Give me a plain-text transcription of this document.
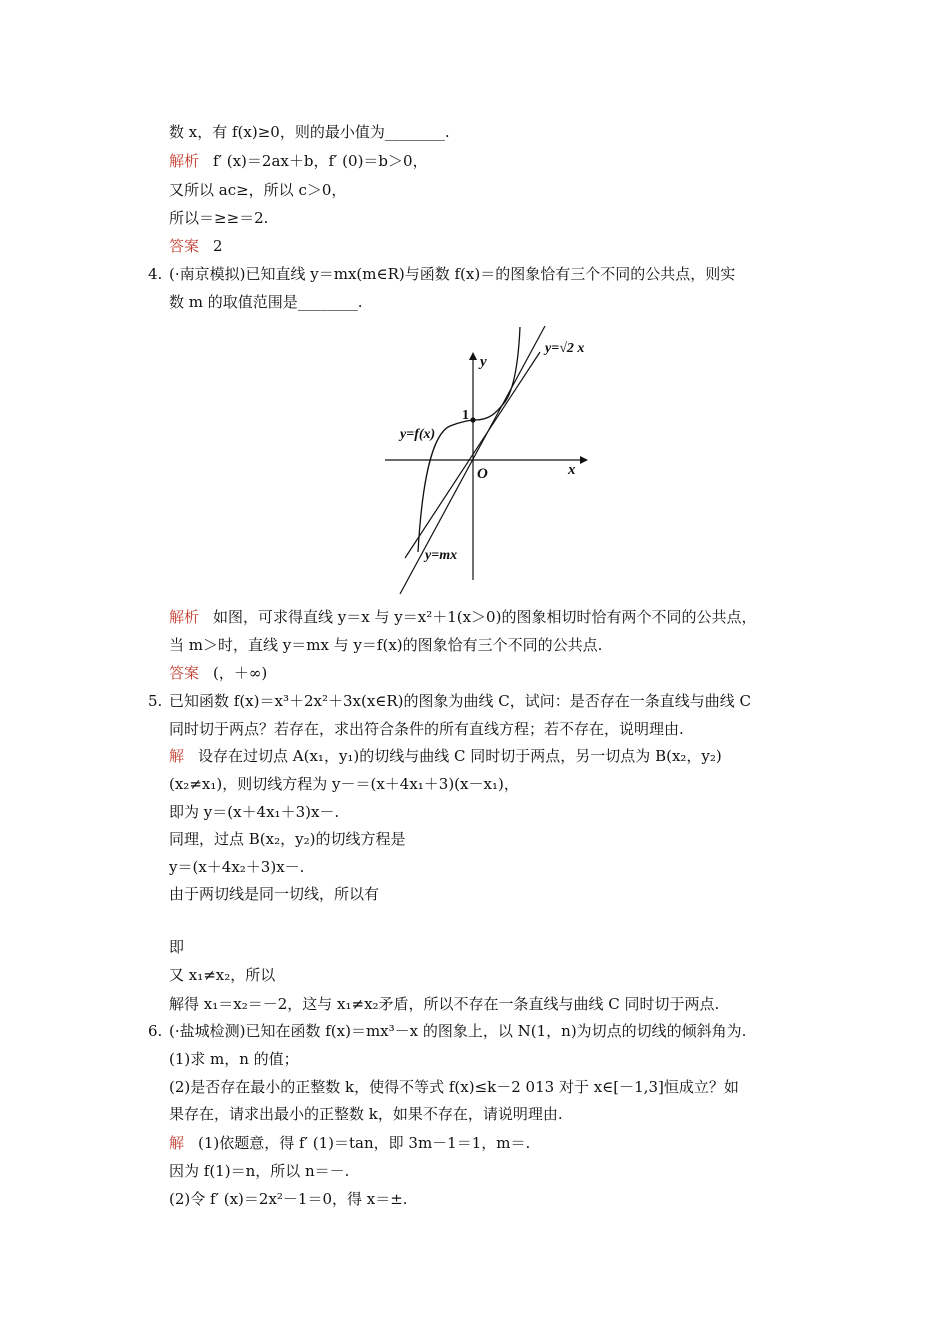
数 x，有 f(x)≥0，则的最小值为________.
解析 f′ (x)＝2ax＋b，f′ (0)＝b＞0，
又所以 ac≥，所以 c＞0，
所以＝≥≥＝2.
答案 2
4. (·南京模拟)已知直线 y＝mx(m∈R)与函数 f(x)＝的图象恰有三个不同的公共点，则实
数 m 的取值范围是________.
y=√2 x
y
1
y=f(x)
O	x
y=mx
解析 如图，可求得直线 y＝x 与 y＝x²＋1(x＞0)的图象相切时恰有两个不同的公共点，
当 m＞时，直线 y＝mx 与 y＝f(x)的图象恰有三个不同的公共点.
答案 (，＋∞)
5. 已知函数 f(x)＝x³＋2x²＋3x(x∈R)的图象为曲线 C，试问：是否存在一条直线与曲线 C
同时切于两点？若存在，求出符合条件的所有直线方程；若不存在，说明理由.
解 设存在过切点 A(x₁，y₁)的切线与曲线 C 同时切于两点，另一切点为 B(x₂，y₂)
(x₂≠x₁)，则切线方程为 y－＝(x＋4x₁＋3)(x－x₁)，
即为 y＝(x＋4x₁＋3)x－.
同理，过点 B(x₂，y₂)的切线方程是
y＝(x＋4x₂＋3)x－.
由于两切线是同一切线，所以有
即
又 x₁≠x₂，所以
解得 x₁＝x₂＝－2，这与 x₁≠x₂矛盾，所以不存在一条直线与曲线 C 同时切于两点.
6. (·盐城检测)已知在函数 f(x)＝mx³－x 的图象上，以 N(1，n)为切点的切线的倾斜角为.
(1)求 m，n 的值；
(2)是否存在最小的正整数 k，使得不等式 f(x)≤k－2 013 对于 x∈[－1,3]恒成立？如
果存在，请求出最小的正整数 k，如果不存在，请说明理由.
解 (1)依题意，得 f′ (1)＝tan，即 3m－1＝1，m＝.
因为 f(1)＝n，所以 n＝－.
(2)令 f′ (x)＝2x²－1＝0，得 x＝±.
